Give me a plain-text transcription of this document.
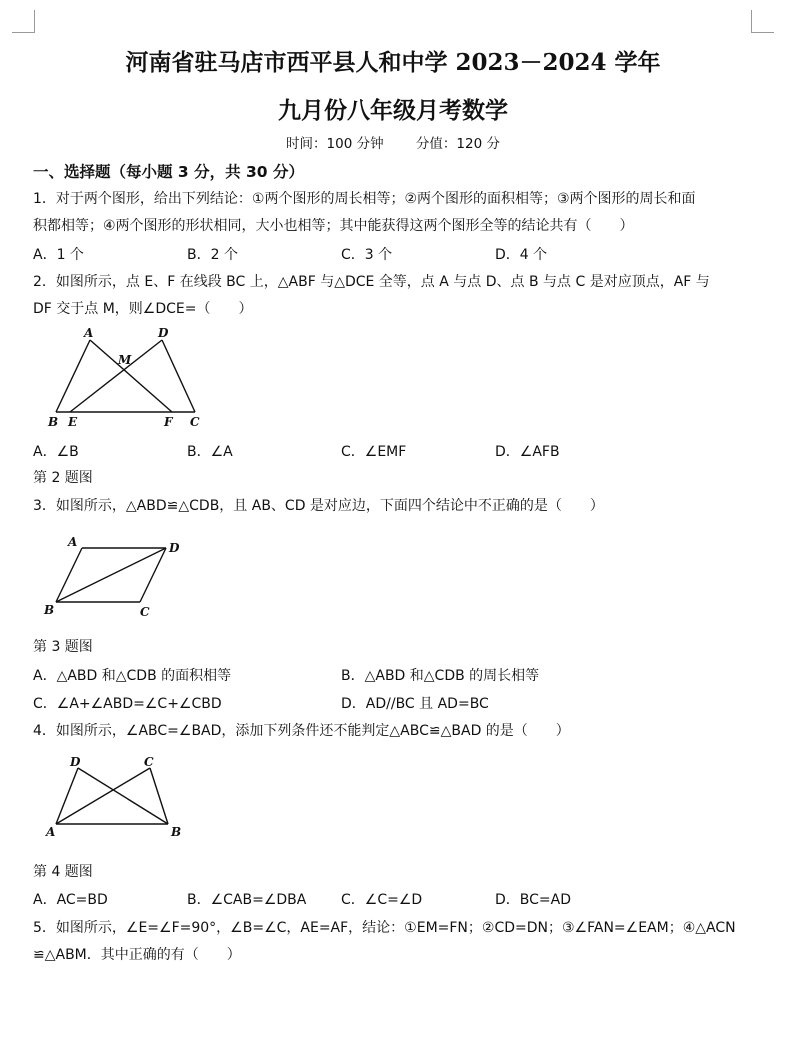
河南省驻马店市西平县人和中学 2023－2024 学年
九月份八年级月考数学
时间：100 分钟 分值：120 分
一、选择题（每小题 3 分，共 30 分）
1．对于两个图形，给出下列结论：①两个图形的周长相等；②两个图形的面积相等；③两个图形的周长和面
积都相等；④两个图形的形状相同，大小也相等；其中能获得这两个图形全等的结论共有（　　）
A．1 个	B．2 个	C．3 个	D．4 个
2．如图所示，点 E、F 在线段 BC 上，△ABF 与△DCE 全等，点 A 与点 D、点 B 与点 C 是对应顶点，AF 与
DF 交于点 M，则∠DCE=（　　）
A	D
M
B E	F C
A．∠B	B．∠A	C．∠EMF	D．∠AFB
第 2 题图
3．如图所示，△ABD≌△CDB，且 AB、CD 是对应边，下面四个结论中不正确的是（　　）
A	D
B	C
第 3 题图
A．△ABD 和△CDB 的面积相等	B．△ABD 和△CDB 的周长相等
C．∠A+∠ABD=∠C+∠CBD	D．AD//BC 且 AD=BC
4．如图所示，∠ABC=∠BAD，添加下列条件还不能判定△ABC≌△BAD 的是（　　）
D	C
A	B
第 4 题图
A．AC=BD	B．∠CAB=∠DBA C．∠C=∠D	D．BC=AD
5．如图所示，∠E=∠F=90°，∠B=∠C，AE=AF，结论：①EM=FN；②CD=DN；③∠FAN=∠EAM；④△ACN
≌△ABM．其中正确的有（　　）
